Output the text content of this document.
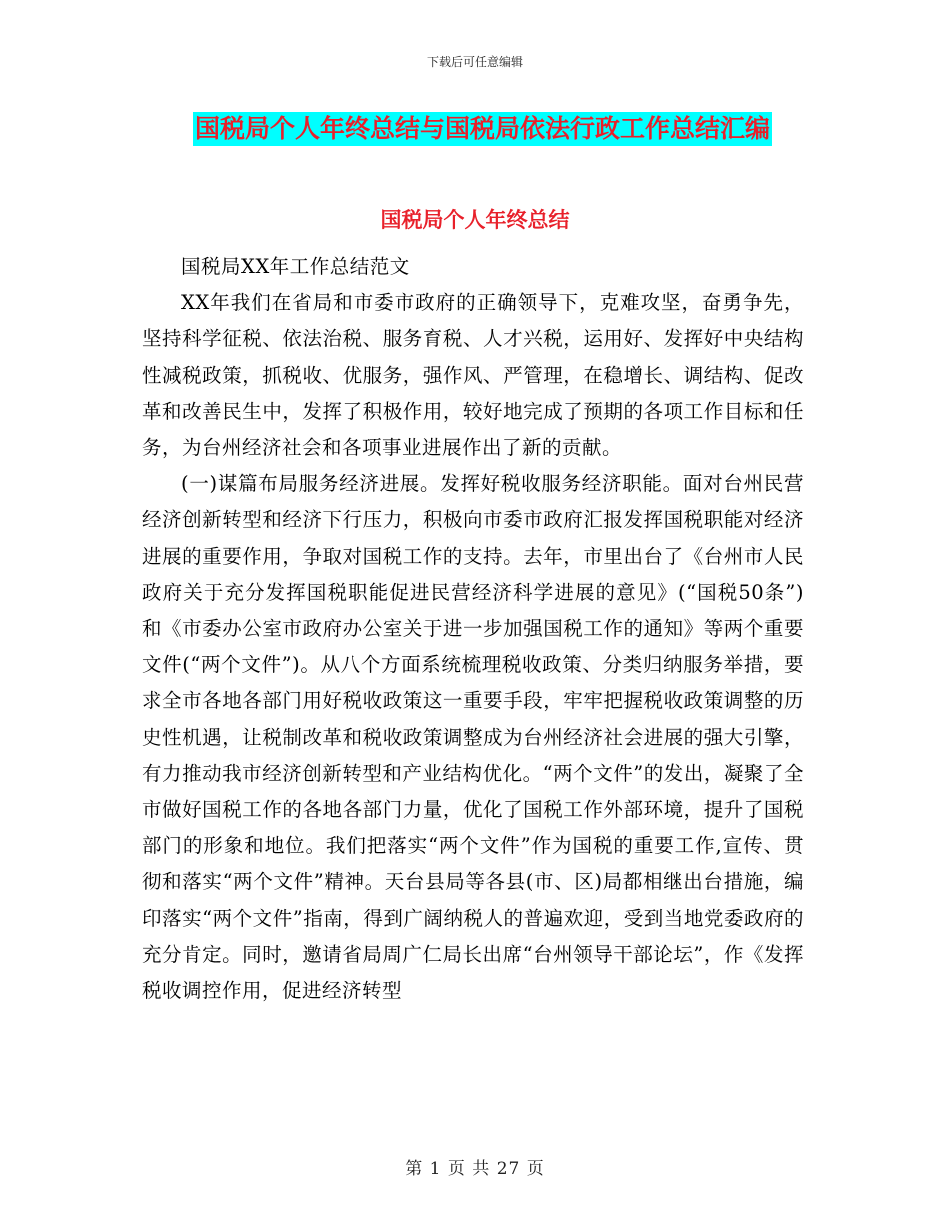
下载后可任意编辑
国税局个人年终总结与国税局依法行政工作总结汇编
国税局个人年终总结

国税局XX年工作总结范文

XX年我们在省局和市委市政府的正确领导下，克难攻坚，奋勇争先，坚持科学征税、依法治税、服务育税、人才兴税，运用好、发挥好中央结构性减税政策，抓税收、优服务，强作风、严管理，在稳增长、调结构、促改革和改善民生中，发挥了积极作用，较好地完成了预期的各项工作目标和任务，为台州经济社会和各项事业进展作出了新的贡献。

(一)谋篇布局服务经济进展。发挥好税收服务经济职能。面对台州民营经济创新转型和经济下行压力，积极向市委市政府汇报发挥国税职能对经济进展的重要作用，争取对国税工作的支持。去年，市里出台了《台州市人民政府关于充分发挥国税职能促进民营经济科学进展的意见》(“国税50条”)和《市委办公室市政府办公室关于进一步加强国税工作的通知》等两个重要文件(“两个文件”)。从八个方面系统梳理税收政策、分类归纳服务举措，要求全市各地各部门用好税收政策这一重要手段，牢牢把握税收政策调整的历史性机遇，让税制改革和税收政策调整成为台州经济社会进展的强大引擎，有力推动我市经济创新转型和产业结构优化。“两个文件”的发出，凝聚了全市做好国税工作的各地各部门力量，优化了国税工作外部环境，提升了国税部门的形象和地位。我们把落实“两个文件”作为国税的重要工作,宣传、贯彻和落实“两个文件”精神。天台县局等各县(市、区)局都相继出台措施，编印落实“两个文件”指南，得到广阔纳税人的普遍欢迎，受到当地党委政府的充分肯定。同时，邀请省局周广仁局长出席“台州领导干部论坛”，作《发挥税收调控作用，促进经济转型

第 1 页 共 27 页
